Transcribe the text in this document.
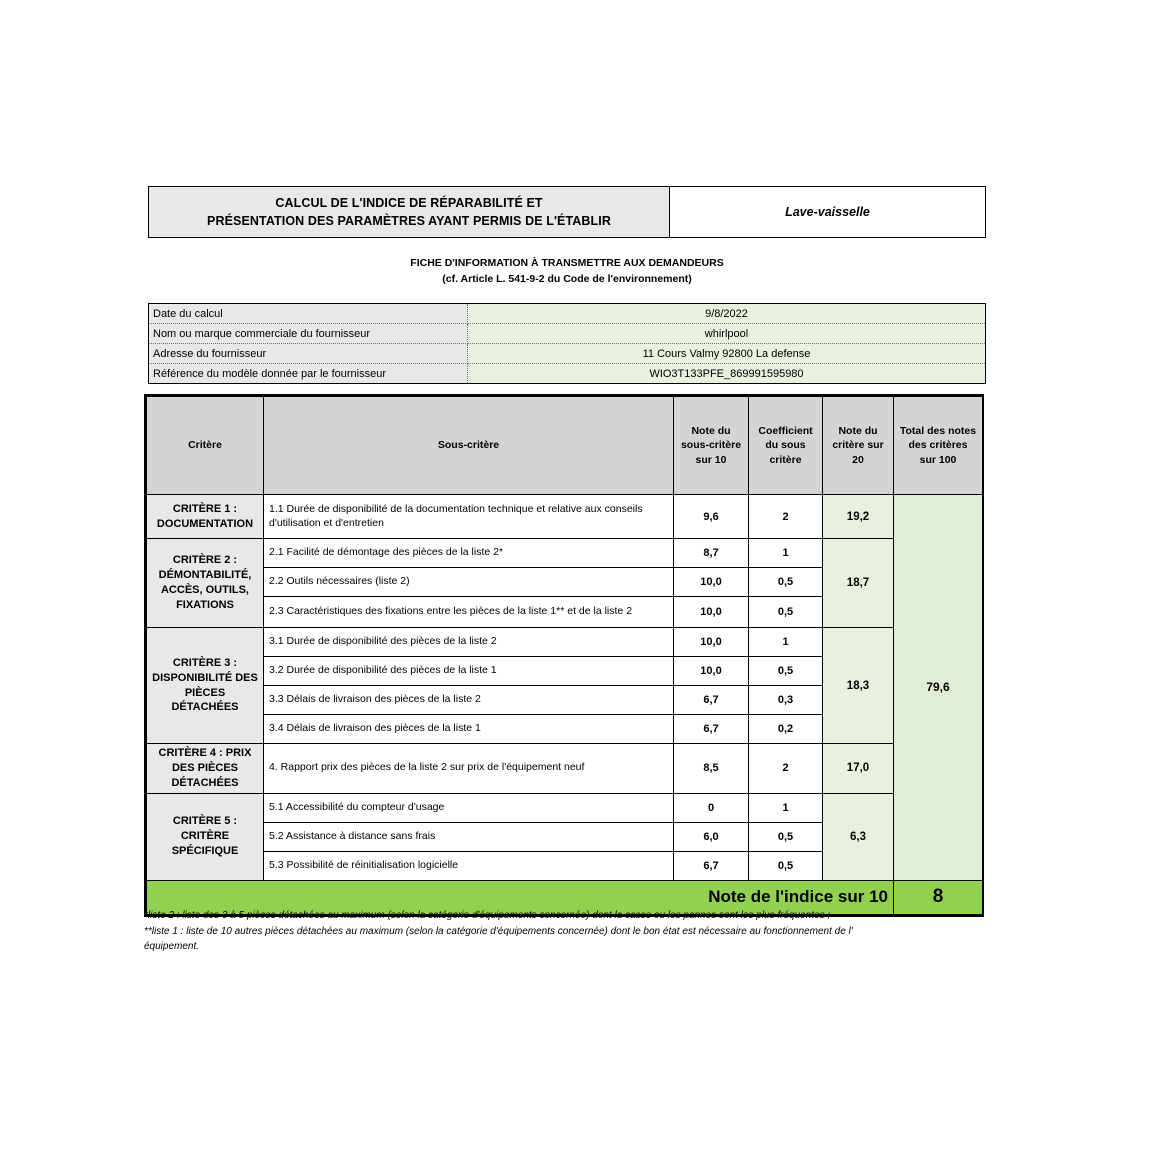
CALCUL DE L'INDICE DE RÉPARABILITÉ ET
PRÉSENTATION DES PARAMÈTRES AYANT PERMIS DE L'ÉTABLIR
Lave-vaisselle
FICHE D'INFORMATION À TRANSMETTRE AUX DEMANDEURS
(cf. Article L. 541-9-2 du Code de l'environnement)
Date du calcul	9/8/2022
Nom ou marque commerciale du fournisseur	whirlpool
Adresse du fournisseur	11 Cours Valmy 92800 La defense
Référence du modèle donnée par le fournisseur	WIO3T133PFE_869991595980
Critère	Sous-critère	Note du sous-critère sur 10	Coefficient du sous critère	Note du critère sur 20	Total des notes des critères sur 100
CRITÈRE 1 : DOCUMENTATION	1.1 Durée de disponibilité de la documentation technique et relative aux conseils d'utilisation et d'entretien	9,6	2	19,2	79,6
CRITÈRE 2 : DÉMONTABILITÉ, ACCÈS, OUTILS, FIXATIONS	2.1 Facilité de démontage des pièces de la liste 2*	8,7	1	18,7	
	2.2 Outils nécessaires (liste 2)	10,0	0,5		
	2.3 Caractéristiques des fixations entre les pièces de la liste 1** et de la liste 2	10,0	0,5		
CRITÈRE 3 : DISPONIBILITÉ DES PIÈCES DÉTACHÉES	3.1 Durée de disponibilité des pièces de la liste 2	10,0	1	18,3	
	3.2 Durée de disponibilité des pièces de la liste 1	10,0	0,5		
	3.3 Délais de livraison des pièces de la liste 2	6,7	0,3		
	3.4 Délais de livraison des pièces de la liste 1	6,7	0,2		
CRITÈRE 4 : PRIX DES PIÈCES DÉTACHÉES	4. Rapport prix des pièces de la liste 2 sur prix de l'équipement neuf	8,5	2	17,0	
CRITÈRE 5 : CRITÈRE SPÉCIFIQUE	5.1 Accessibilité du compteur d'usage	0	1	6,3	
	5.2 Assistance à distance sans frais	6,0	0,5		
	5.3 Possibilité de réinitialisation logicielle	6,7	0,5		
Note de l'indice sur 10					8
*liste 2 : liste des 3 à 5 pièces détachées au maximum (selon la catégorie d'équipements concernée) dont la casse ou les pannes sont les plus fréquentes ;
**liste 1 : liste de 10 autres pièces détachées au maximum (selon la catégorie d'équipements concernée) dont le bon état est nécessaire au fonctionnement de l'
équipement.
